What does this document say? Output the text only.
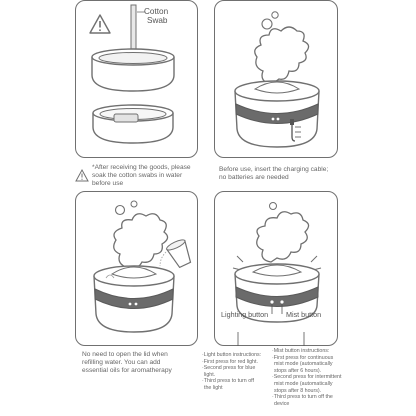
Cotton
Swab
*After receiving the goods, please
soak the cotton swabs in water
before use
Before use, insert the charging cable;
no batteries are needed
No need to open the lid when
refilling water. You can add
essential oils for aromatherapy
Lighting button Mist button
·Light button instructions:
·First press for red light.
·Second press for blue
light.
·Third press to turn off
the light
·Mist button instructions:
·First press for continuous
mist mode (automatically
stops after 6 hours).
·Second press for intermittent
mist mode (automatically
stops after 8 hours).
·Third press to turn off the
device
